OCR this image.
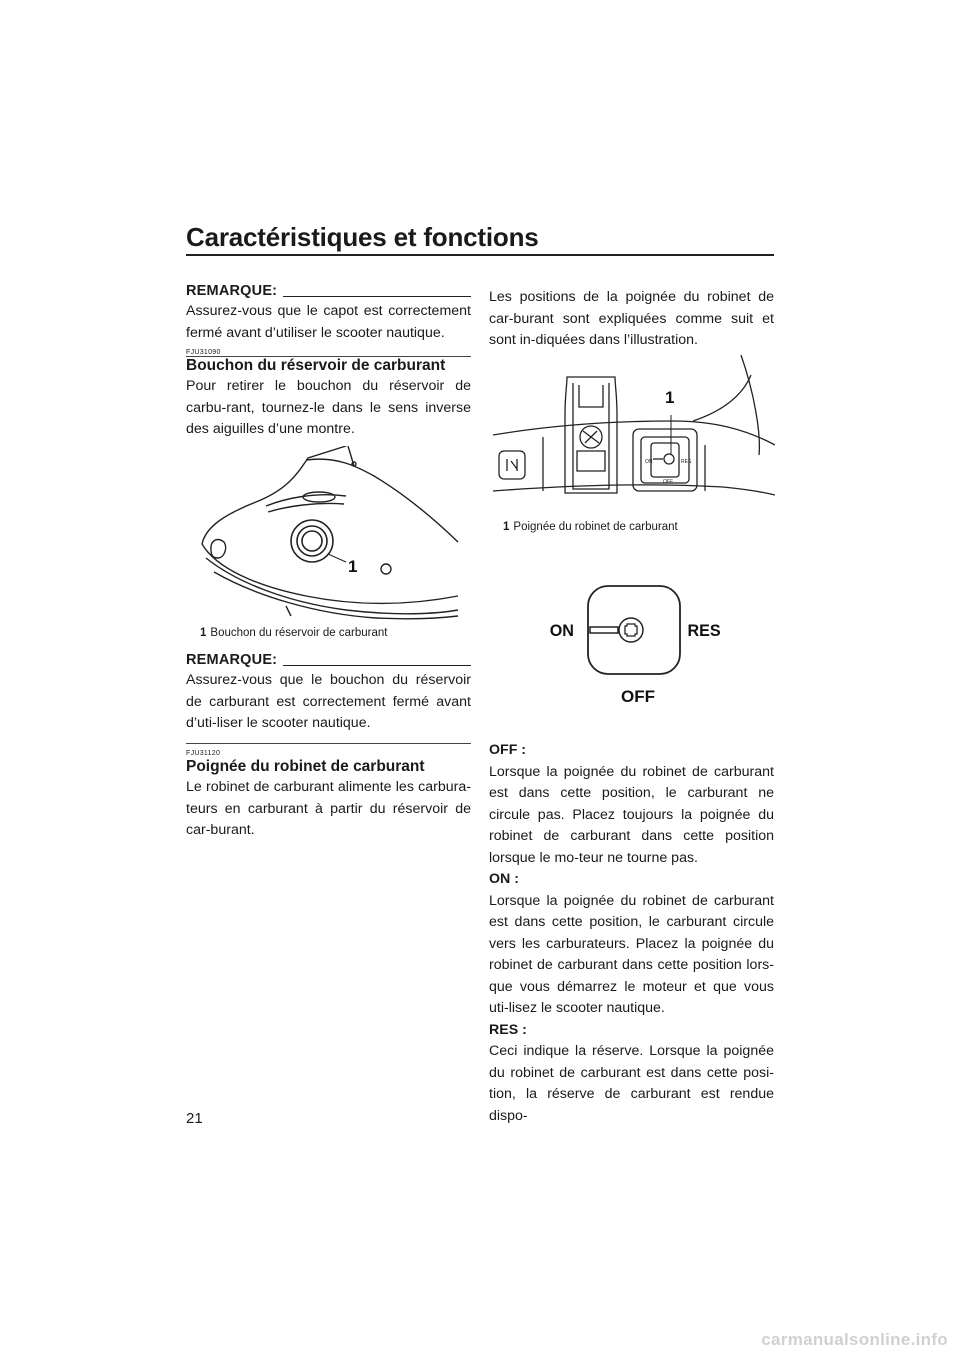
Caractéristiques et fonctions
REMARQUE:
Assurez-vous que le capot est correctement fermé avant d’utiliser le scooter nautique.
FJU31090
Bouchon du réservoir de carburant
Pour retirer le bouchon du réservoir de carbu-rant, tournez-le dans le sens inverse des aiguilles d’une montre.
1
1 Bouchon du réservoir de carburant
REMARQUE:
Assurez-vous que le bouchon du réservoir de carburant est correctement fermé avant d’uti-liser le scooter nautique.
FJU31120
Poignée du robinet de carburant
Le robinet de carburant alimente les carbura-teurs en carburant à partir du réservoir de car-burant.
Les positions de la poignée du robinet de car-burant sont expliquées comme suit et sont in-diquées dans l’illustration.
ON	RES
OFF
1
1 Poignée du robinet de carburant
ON	RES
OFF
OFF :
Lorsque la poignée du robinet de carburant est dans cette position, le carburant ne circule pas. Placez toujours la poignée du robinet de carburant dans cette position lorsque le mo-teur ne tourne pas.
ON :
Lorsque la poignée du robinet de carburant est dans cette position, le carburant circule vers les carburateurs. Placez la poignée du robinet de carburant dans cette position lors-que vous démarrez le moteur et que vous uti-lisez le scooter nautique.
RES :
Ceci indique la réserve. Lorsque la poignée du robinet de carburant est dans cette posi-tion, la réserve de carburant est rendue dispo-
21
carmanualsonline.info
